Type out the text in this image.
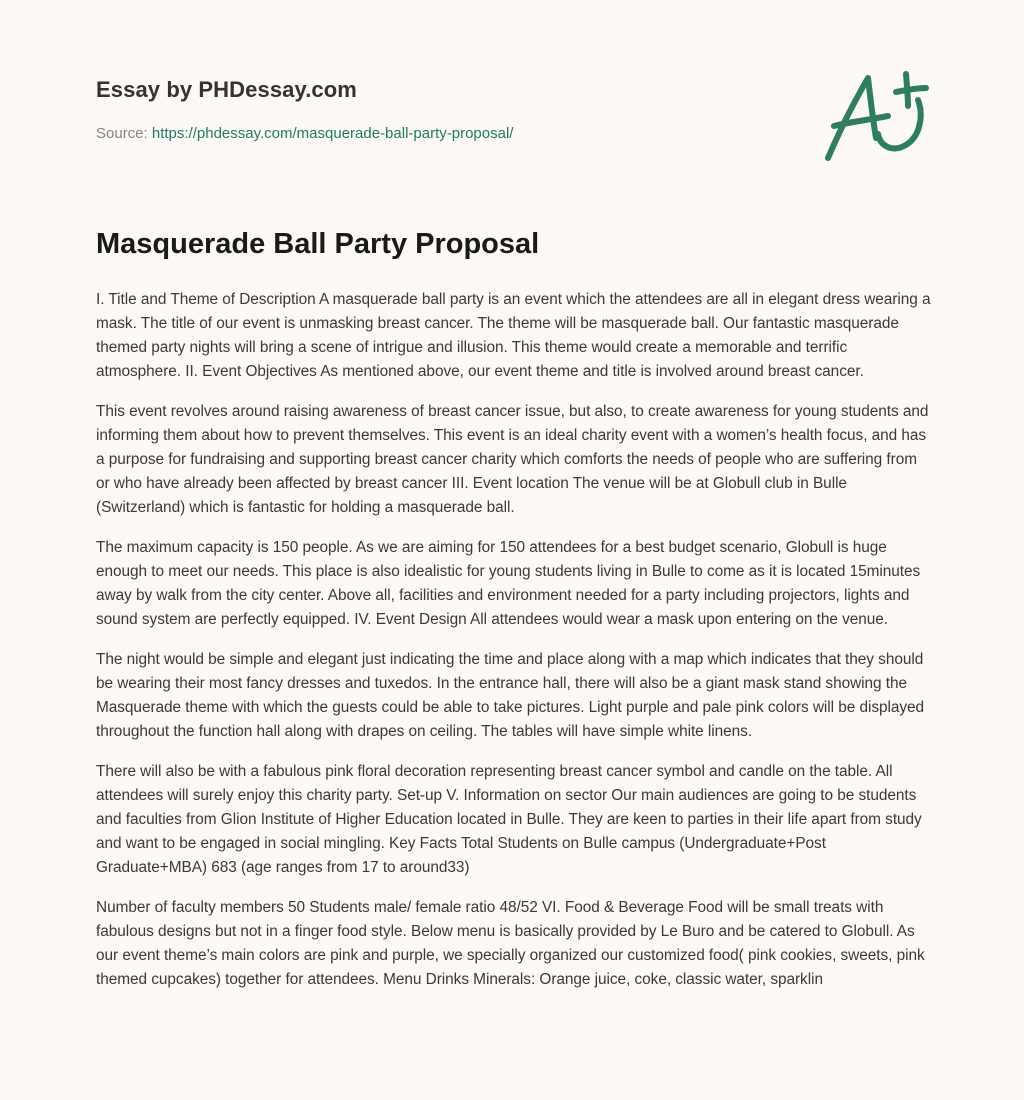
Essay by PHDessay.com
Source: https://phdessay.com/masquerade-ball-party-proposal/
Masquerade Ball Party Proposal

I. Title and Theme of Description A masquerade ball party is an event which the attendees are all in elegant dress wearing a mask. The title of our event is unmasking breast cancer. The theme will be masquerade ball. Our fantastic masquerade themed party nights will bring a scene of intrigue and illusion. This theme would create a memorable and terrific atmosphere. II. Event Objectives As mentioned above, our event theme and title is involved around breast cancer.

This event revolves around raising awareness of breast cancer issue, but also, to create awareness for young students and informing them about how to prevent themselves. This event is an ideal charity event with a women’s health focus, and has a purpose for fundraising and supporting breast cancer charity which comforts the needs of people who are suffering from or who have already been affected by breast cancer III. Event location The venue will be at Globull club in Bulle (Switzerland) which is fantastic for holding a masquerade ball.

The maximum capacity is 150 people. As we are aiming for 150 attendees for a best budget scenario, Globull is huge enough to meet our needs. This place is also idealistic for young students living in Bulle to come as it is located 15minutes away by walk from the city center. Above all, facilities and environment needed for a party including projectors, lights and sound system are perfectly equipped. IV. Event Design All attendees would wear a mask upon entering on the venue.

The night would be simple and elegant just indicating the time and place along with a map which indicates that they should be wearing their most fancy dresses and tuxedos. In the entrance hall, there will also be a giant mask stand showing the Masquerade theme with which the guests could be able to take pictures. Light purple and pale pink colors will be displayed throughout the function hall along with drapes on ceiling. The tables will have simple white linens.

There will also be with a fabulous pink floral decoration representing breast cancer symbol and candle on the table. All attendees will surely enjoy this charity party. Set-up V. Information on sector Our main audiences are going to be students and faculties from Glion Institute of Higher Education located in Bulle. They are keen to parties in their life apart from study and want to be engaged in social mingling. Key Facts Total Students on Bulle campus (Undergraduate+Post Graduate+MBA) 683 (age ranges from 17 to around33)

Number of faculty members 50 Students male/ female ratio 48/52 VI. Food & Beverage Food will be small treats with fabulous designs but not in a finger food style. Below menu is basically provided by Le Buro and be catered to Globull. As our event theme’s main colors are pink and purple, we specially organized our customized food( pink cookies, sweets, pink themed cupcakes) together for attendees. Menu Drinks Minerals: Orange juice, coke, classic water, sparklin
